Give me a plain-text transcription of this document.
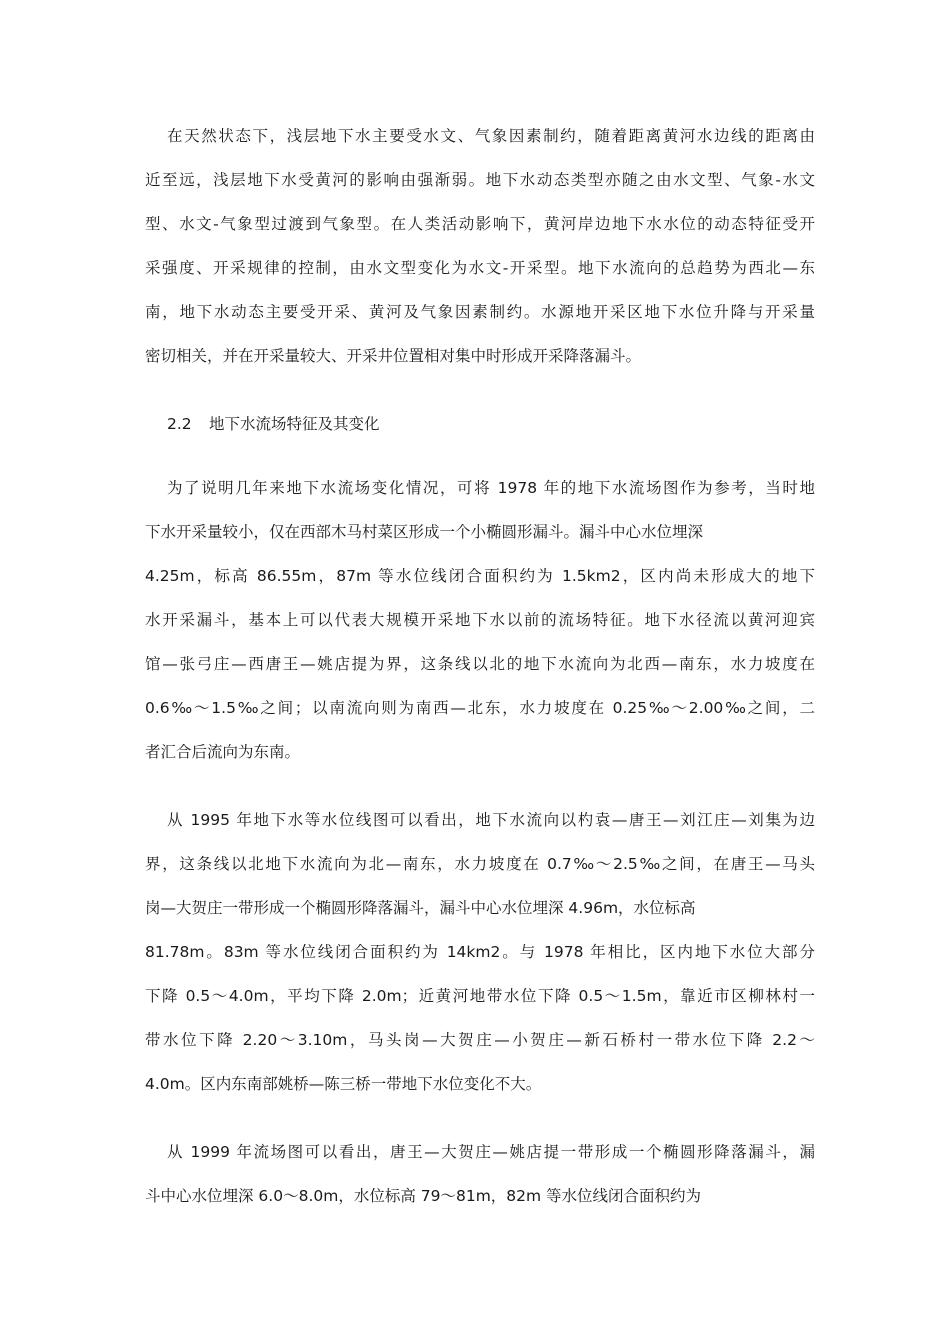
在天然状态下，浅层地下水主要受水文、气象因素制约，随着距离黄河水边线的距离由
近至远，浅层地下水受黄河的影响由强渐弱。地下水动态类型亦随之由水文型、气象-水文
型、水文-气象型过渡到气象型。在人类活动影响下，黄河岸边地下水水位的动态特征受开
采强度、开采规律的控制，由水文型变化为水文-开采型。地下水流向的总趋势为西北—东
南，地下水动态主要受开采、黄河及气象因素制约。水源地开采区地下水位升降与开采量
密切相关，并在开采量较大、开采井位置相对集中时形成开采降落漏斗。
2.2 地下水流场特征及其变化
为了说明几年来地下水流场变化情况，可将 1978 年的地下水流场图作为参考，当时地
下水开采量较小，仅在西部木马村菜区形成一个小椭圆形漏斗。漏斗中心水位埋深
4.25m，标高 86.55m，87m 等水位线闭合面积约为 1.5km2，区内尚未形成大的地下
水开采漏斗，基本上可以代表大规模开采地下水以前的流场特征。地下水径流以黄河迎宾
馆—张弓庄—西唐王—姚店提为界，这条线以北的地下水流向为北西—南东，水力坡度在
0.6‰～1.5‰之间；以南流向则为南西—北东，水力坡度在 0.25‰～2.00‰之间，二
者汇合后流向为东南。
从 1995 年地下水等水位线图可以看出，地下水流向以杓袁—唐王—刘江庄—刘集为边
界，这条线以北地下水流向为北—南东，水力坡度在 0.7‰～2.5‰之间，在唐王—马头
岗—大贺庄一带形成一个椭圆形降落漏斗，漏斗中心水位埋深 4.96m，水位标高
81.78m。83m 等水位线闭合面积约为 14km2。与 1978 年相比，区内地下水位大部分
下降 0.5～4.0m，平均下降 2.0m；近黄河地带水位下降 0.5～1.5m，靠近市区柳林村一
带水位下降 2.20～3.10m，马头岗—大贺庄—小贺庄—新石桥村一带水位下降 2.2～
4.0m。区内东南部姚桥—陈三桥一带地下水位变化不大。
从 1999 年流场图可以看出，唐王—大贺庄—姚店提一带形成一个椭圆形降落漏斗，漏
斗中心水位埋深 6.0～8.0m，水位标高 79～81m，82m 等水位线闭合面积约为
